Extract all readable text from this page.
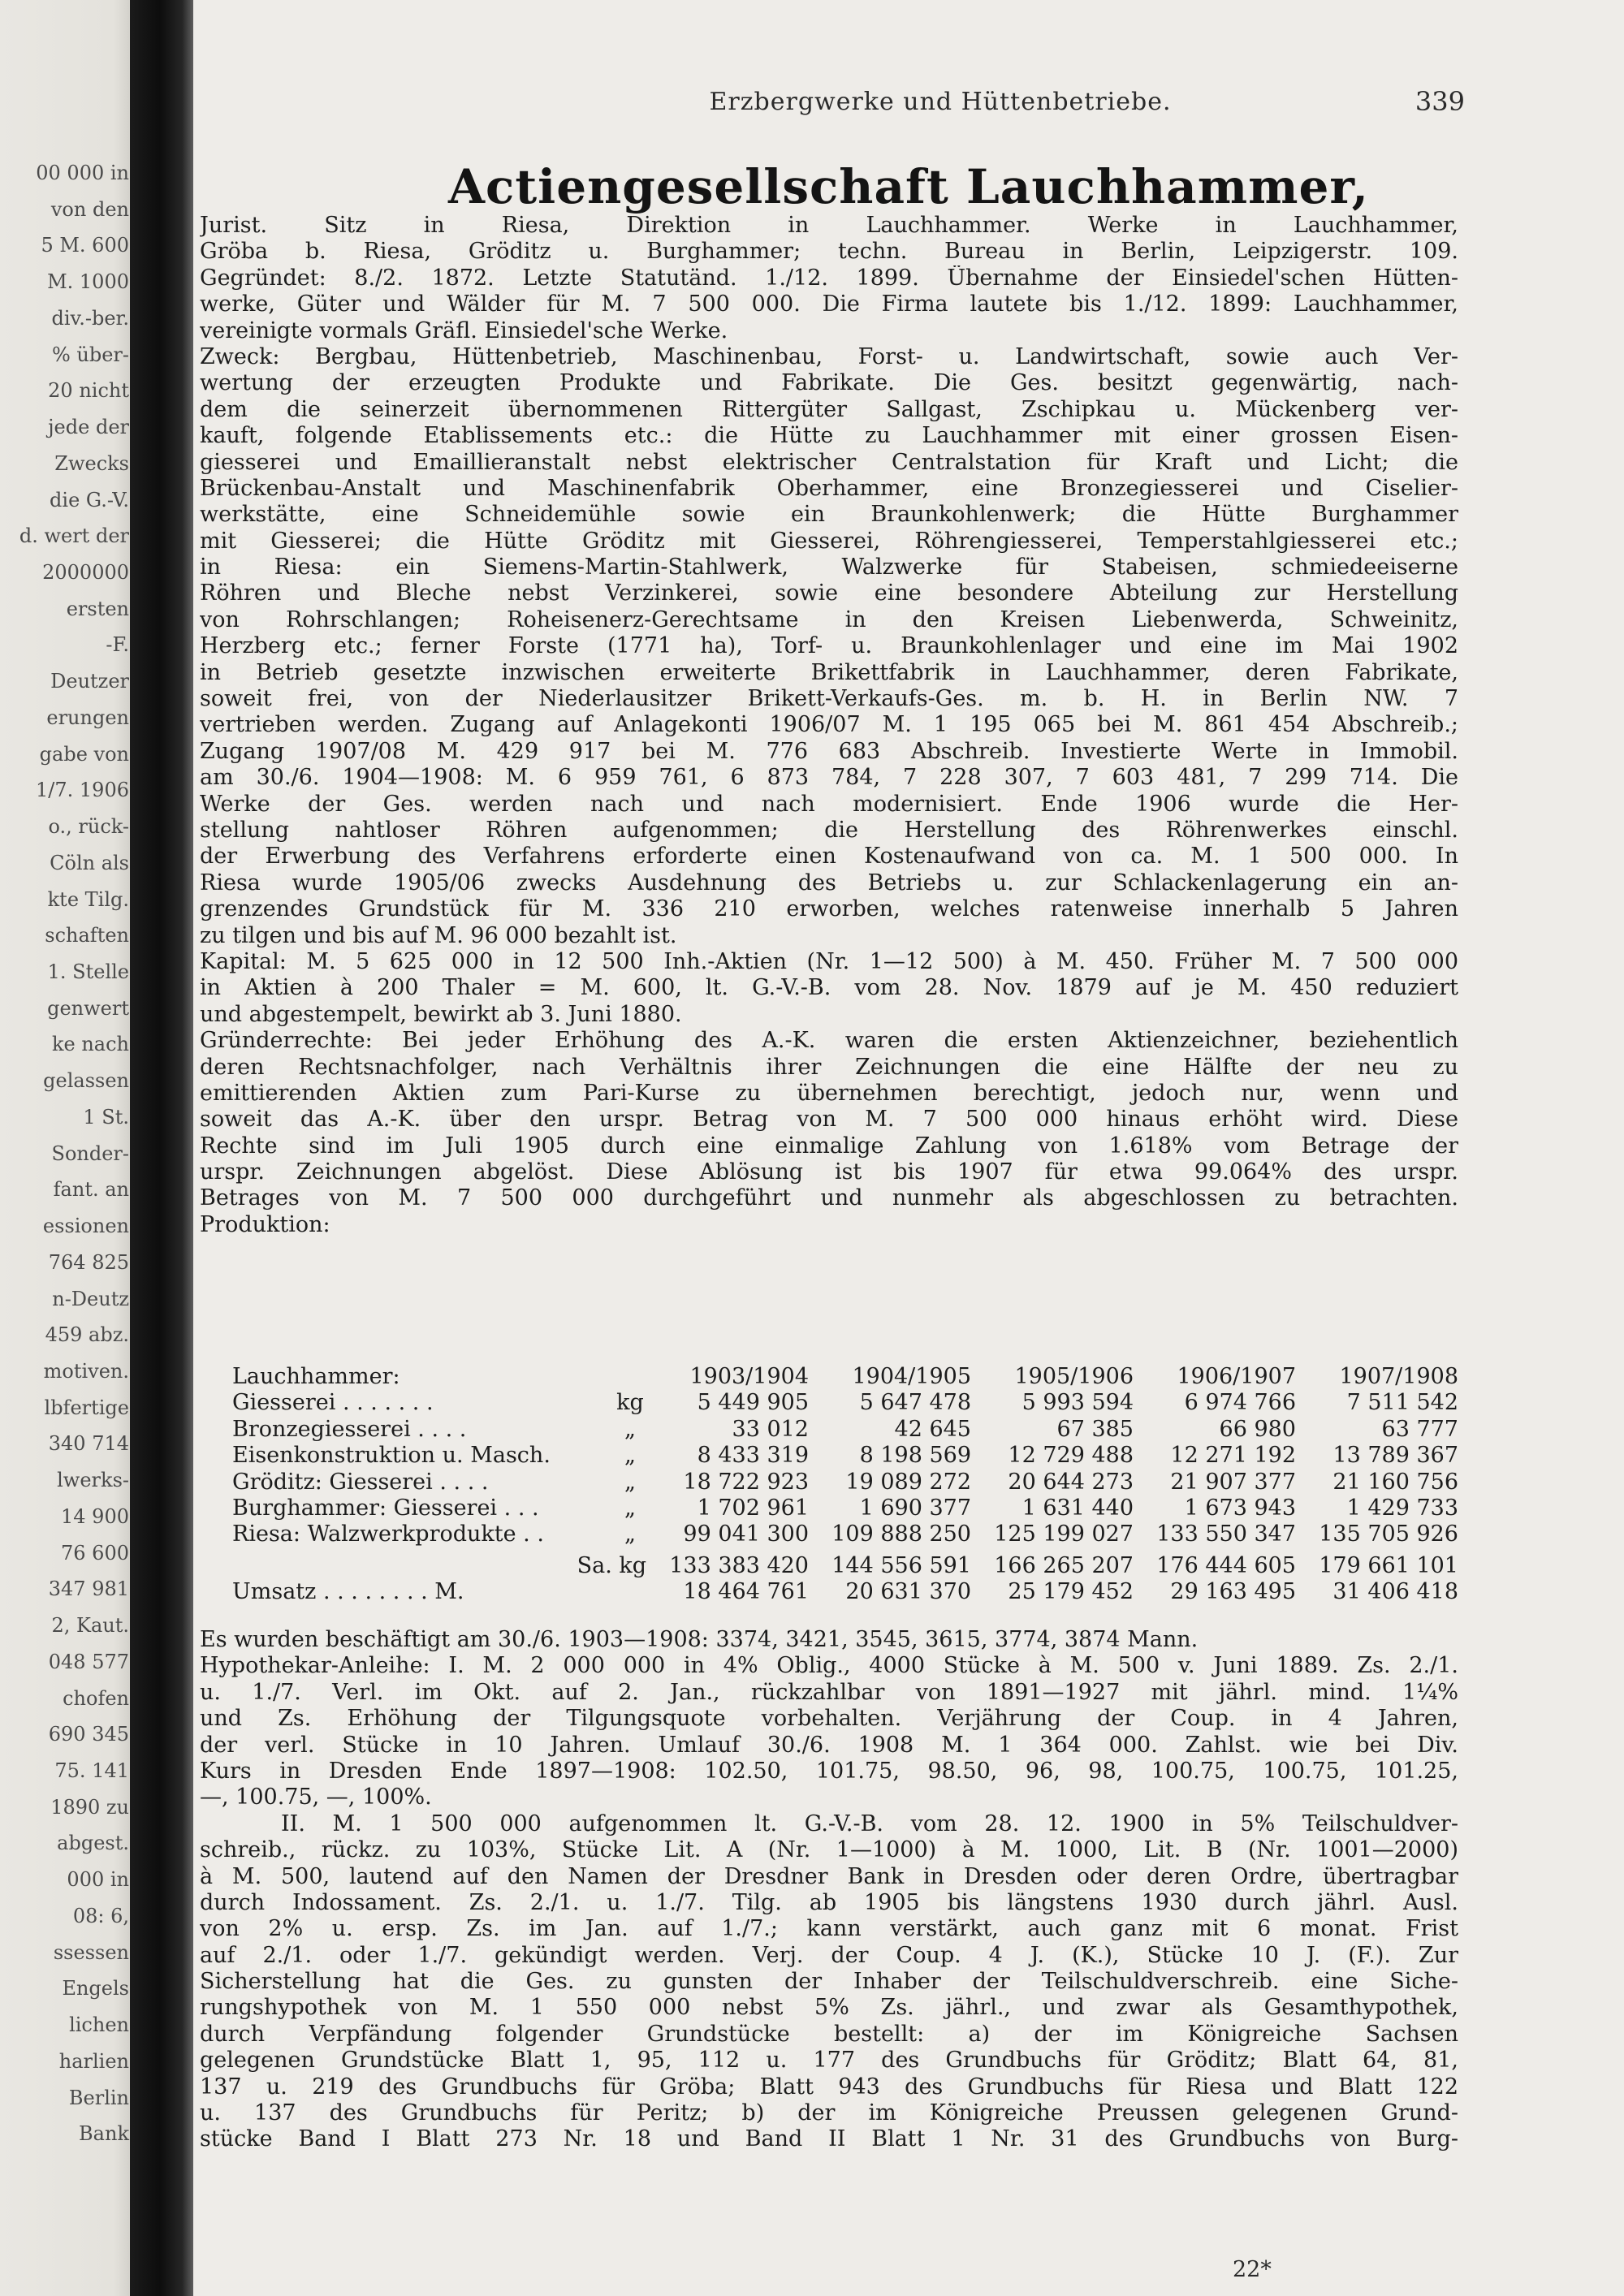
00 000 in
von den
5 M. 600
M. 1000
div.-ber.
% über-
20 nicht
jede der
Zwecks
die G.-V.
d. wert der
2000000
ersten
-F.
Deutzer
erungen
gabe von
1/7. 1906
o., rück-
Cöln als
kte Tilg.
schaften
1. Stelle
genwert
ke nach
gelassen
1 St.
Sonder-
fant. an
essionen
764 825
n-Deutz
459 abz.
motiven.
lbfertige
340 714
lwerks-
14 900
76 600
347 981
2, Kaut.
048 577
chofen
690 345
75. 141
1890 zu
abgest.
000 in
08: 6,
ssessen
Engels
lichen
harlien
Berlin
Bank
Erzbergwerke und Hüttenbetriebe.	339
Actiengesellschaft Lauchhammer,
Jurist. Sitz in Riesa, Direktion in Lauchhammer. Werke in Lauchhammer,
Gröba b. Riesa, Gröditz u. Burghammer; techn. Bureau in Berlin, Leipzigerstr. 109.
Gegründet: 8./2. 1872. Letzte Statutänd. 1./12. 1899. Übernahme der Einsiedel'schen Hütten-
werke, Güter und Wälder für M. 7 500 000. Die Firma lautete bis 1./12. 1899: Lauchhammer,
vereinigte vormals Gräfl. Einsiedel'sche Werke.
Zweck: Bergbau, Hüttenbetrieb, Maschinenbau, Forst- u. Landwirtschaft, sowie auch Ver-
wertung der erzeugten Produkte und Fabrikate. Die Ges. besitzt gegenwärtig, nach-
dem die seinerzeit übernommenen Rittergüter Sallgast, Zschipkau u. Mückenberg ver-
kauft, folgende Etablissements etc.: die Hütte zu Lauchhammer mit einer grossen Eisen-
giesserei und Emaillieranstalt nebst elektrischer Centralstation für Kraft und Licht; die
Brückenbau-Anstalt und Maschinenfabrik Oberhammer, eine Bronzegiesserei und Ciselier-
werkstätte, eine Schneidemühle sowie ein Braunkohlenwerk; die Hütte Burghammer
mit Giesserei; die Hütte Gröditz mit Giesserei, Röhrengiesserei, Temperstahlgiesserei etc.;
in Riesa: ein Siemens-Martin-Stahlwerk, Walzwerke für Stabeisen, schmiedeeiserne
Röhren und Bleche nebst Verzinkerei, sowie eine besondere Abteilung zur Herstellung
von Rohrschlangen; Roheisenerz-Gerechtsame in den Kreisen Liebenwerda, Schweinitz,
Herzberg etc.; ferner Forste (1771 ha), Torf- u. Braunkohlenlager und eine im Mai 1902
in Betrieb gesetzte inzwischen erweiterte Brikettfabrik in Lauchhammer, deren Fabrikate,
soweit frei, von der Niederlausitzer Brikett-Verkaufs-Ges. m. b. H. in Berlin NW. 7
vertrieben werden. Zugang auf Anlagekonti 1906/07 M. 1 195 065 bei M. 861 454 Abschreib.;
Zugang 1907/08 M. 429 917 bei M. 776 683 Abschreib. Investierte Werte in Immobil.
am 30./6. 1904—1908: M. 6 959 761, 6 873 784, 7 228 307, 7 603 481, 7 299 714. Die
Werke der Ges. werden nach und nach modernisiert. Ende 1906 wurde die Her-
stellung nahtloser Röhren aufgenommen; die Herstellung des Röhrenwerkes einschl.
der Erwerbung des Verfahrens erforderte einen Kostenaufwand von ca. M. 1 500 000. In
Riesa wurde 1905/06 zwecks Ausdehnung des Betriebs u. zur Schlackenlagerung ein an-
grenzendes Grundstück für M. 336 210 erworben, welches ratenweise innerhalb 5 Jahren
zu tilgen und bis auf M. 96 000 bezahlt ist.
Kapital: M. 5 625 000 in 12 500 Inh.-Aktien (Nr. 1—12 500) à M. 450. Früher M. 7 500 000
in Aktien à 200 Thaler = M. 600, lt. G.-V.-B. vom 28. Nov. 1879 auf je M. 450 reduziert
und abgestempelt, bewirkt ab 3. Juni 1880.
Gründerrechte: Bei jeder Erhöhung des A.-K. waren die ersten Aktienzeichner, beziehentlich
deren Rechtsnachfolger, nach Verhältnis ihrer Zeichnungen die eine Hälfte der neu zu
emittierenden Aktien zum Pari-Kurse zu übernehmen berechtigt, jedoch nur, wenn und
soweit das A.-K. über den urspr. Betrag von M. 7 500 000 hinaus erhöht wird. Diese
Rechte sind im Juli 1905 durch eine einmalige Zahlung von 1.618% vom Betrage der
urspr. Zeichnungen abgelöst. Diese Ablösung ist bis 1907 für etwa 99.064% des urspr.
Betrages von M. 7 500 000 durchgeführt und nunmehr als abgeschlossen zu betrachten.
Produktion:
Lauchhammer:		1903/1904	1904/1905	1905/1906	1906/1907	1907/1908
Giesserei . . . . . . .	kg	5 449 905	5 647 478	5 993 594	6 974 766	7 511 542
Bronzegiesserei . . . .	„	33 012	42 645	67 385	66 980	63 777
Eisenkonstruktion u. Masch.	„	8 433 319	8 198 569	12 729 488	12 271 192	13 789 367
Gröditz: Giesserei . . . .	„	18 722 923	19 089 272	20 644 273	21 907 377	21 160 756
Burghammer: Giesserei . . .	„	1 702 961	1 690 377	1 631 440	1 673 943	1 429 733
Riesa: Walzwerkprodukte . .	„	99 041 300	109 888 250	125 199 027	133 550 347	135 705 926
Sa. kg		133 383 420	144 556 591	166 265 207	176 444 605	179 661 101
Umsatz . . . . . . . . M.		18 464 761	20 631 370	25 179 452	29 163 495	31 406 418
Es wurden beschäftigt am 30./6. 1903—1908: 3374, 3421, 3545, 3615, 3774, 3874 Mann.
Hypothekar-Anleihe: I. M. 2 000 000 in 4% Oblig., 4000 Stücke à M. 500 v. Juni 1889. Zs. 2./1.
u. 1./7. Verl. im Okt. auf 2. Jan., rückzahlbar von 1891—1927 mit jährl. mind. 1¼%
und Zs. Erhöhung der Tilgungsquote vorbehalten. Verjährung der Coup. in 4 Jahren,
der verl. Stücke in 10 Jahren. Umlauf 30./6. 1908 M. 1 364 000. Zahlst. wie bei Div.
Kurs in Dresden Ende 1897—1908: 102.50, 101.75, 98.50, 96, 98, 100.75, 100.75, 101.25,
—, 100.75, —, 100%.
II. M. 1 500 000 aufgenommen lt. G.-V.-B. vom 28. 12. 1900 in 5% Teilschuldver-
schreib., rückz. zu 103%, Stücke Lit. A (Nr. 1—1000) à M. 1000, Lit. B (Nr. 1001—2000)
à M. 500, lautend auf den Namen der Dresdner Bank in Dresden oder deren Ordre, übertragbar
durch Indossament. Zs. 2./1. u. 1./7. Tilg. ab 1905 bis längstens 1930 durch jährl. Ausl.
von 2% u. ersp. Zs. im Jan. auf 1./7.; kann verstärkt, auch ganz mit 6 monat. Frist
auf 2./1. oder 1./7. gekündigt werden. Verj. der Coup. 4 J. (K.), Stücke 10 J. (F.). Zur
Sicherstellung hat die Ges. zu gunsten der Inhaber der Teilschuldverschreib. eine Siche-
rungshypothek von M. 1 550 000 nebst 5% Zs. jährl., und zwar als Gesamthypothek,
durch Verpfändung folgender Grundstücke bestellt: a) der im Königreiche Sachsen
gelegenen Grundstücke Blatt 1, 95, 112 u. 177 des Grundbuchs für Gröditz; Blatt 64, 81,
137 u. 219 des Grundbuchs für Gröba; Blatt 943 des Grundbuchs für Riesa und Blatt 122
u. 137 des Grundbuchs für Peritz; b) der im Königreiche Preussen gelegenen Grund-
stücke Band I Blatt 273 Nr. 18 und Band II Blatt 1 Nr. 31 des Grundbuchs von Burg-
22*
